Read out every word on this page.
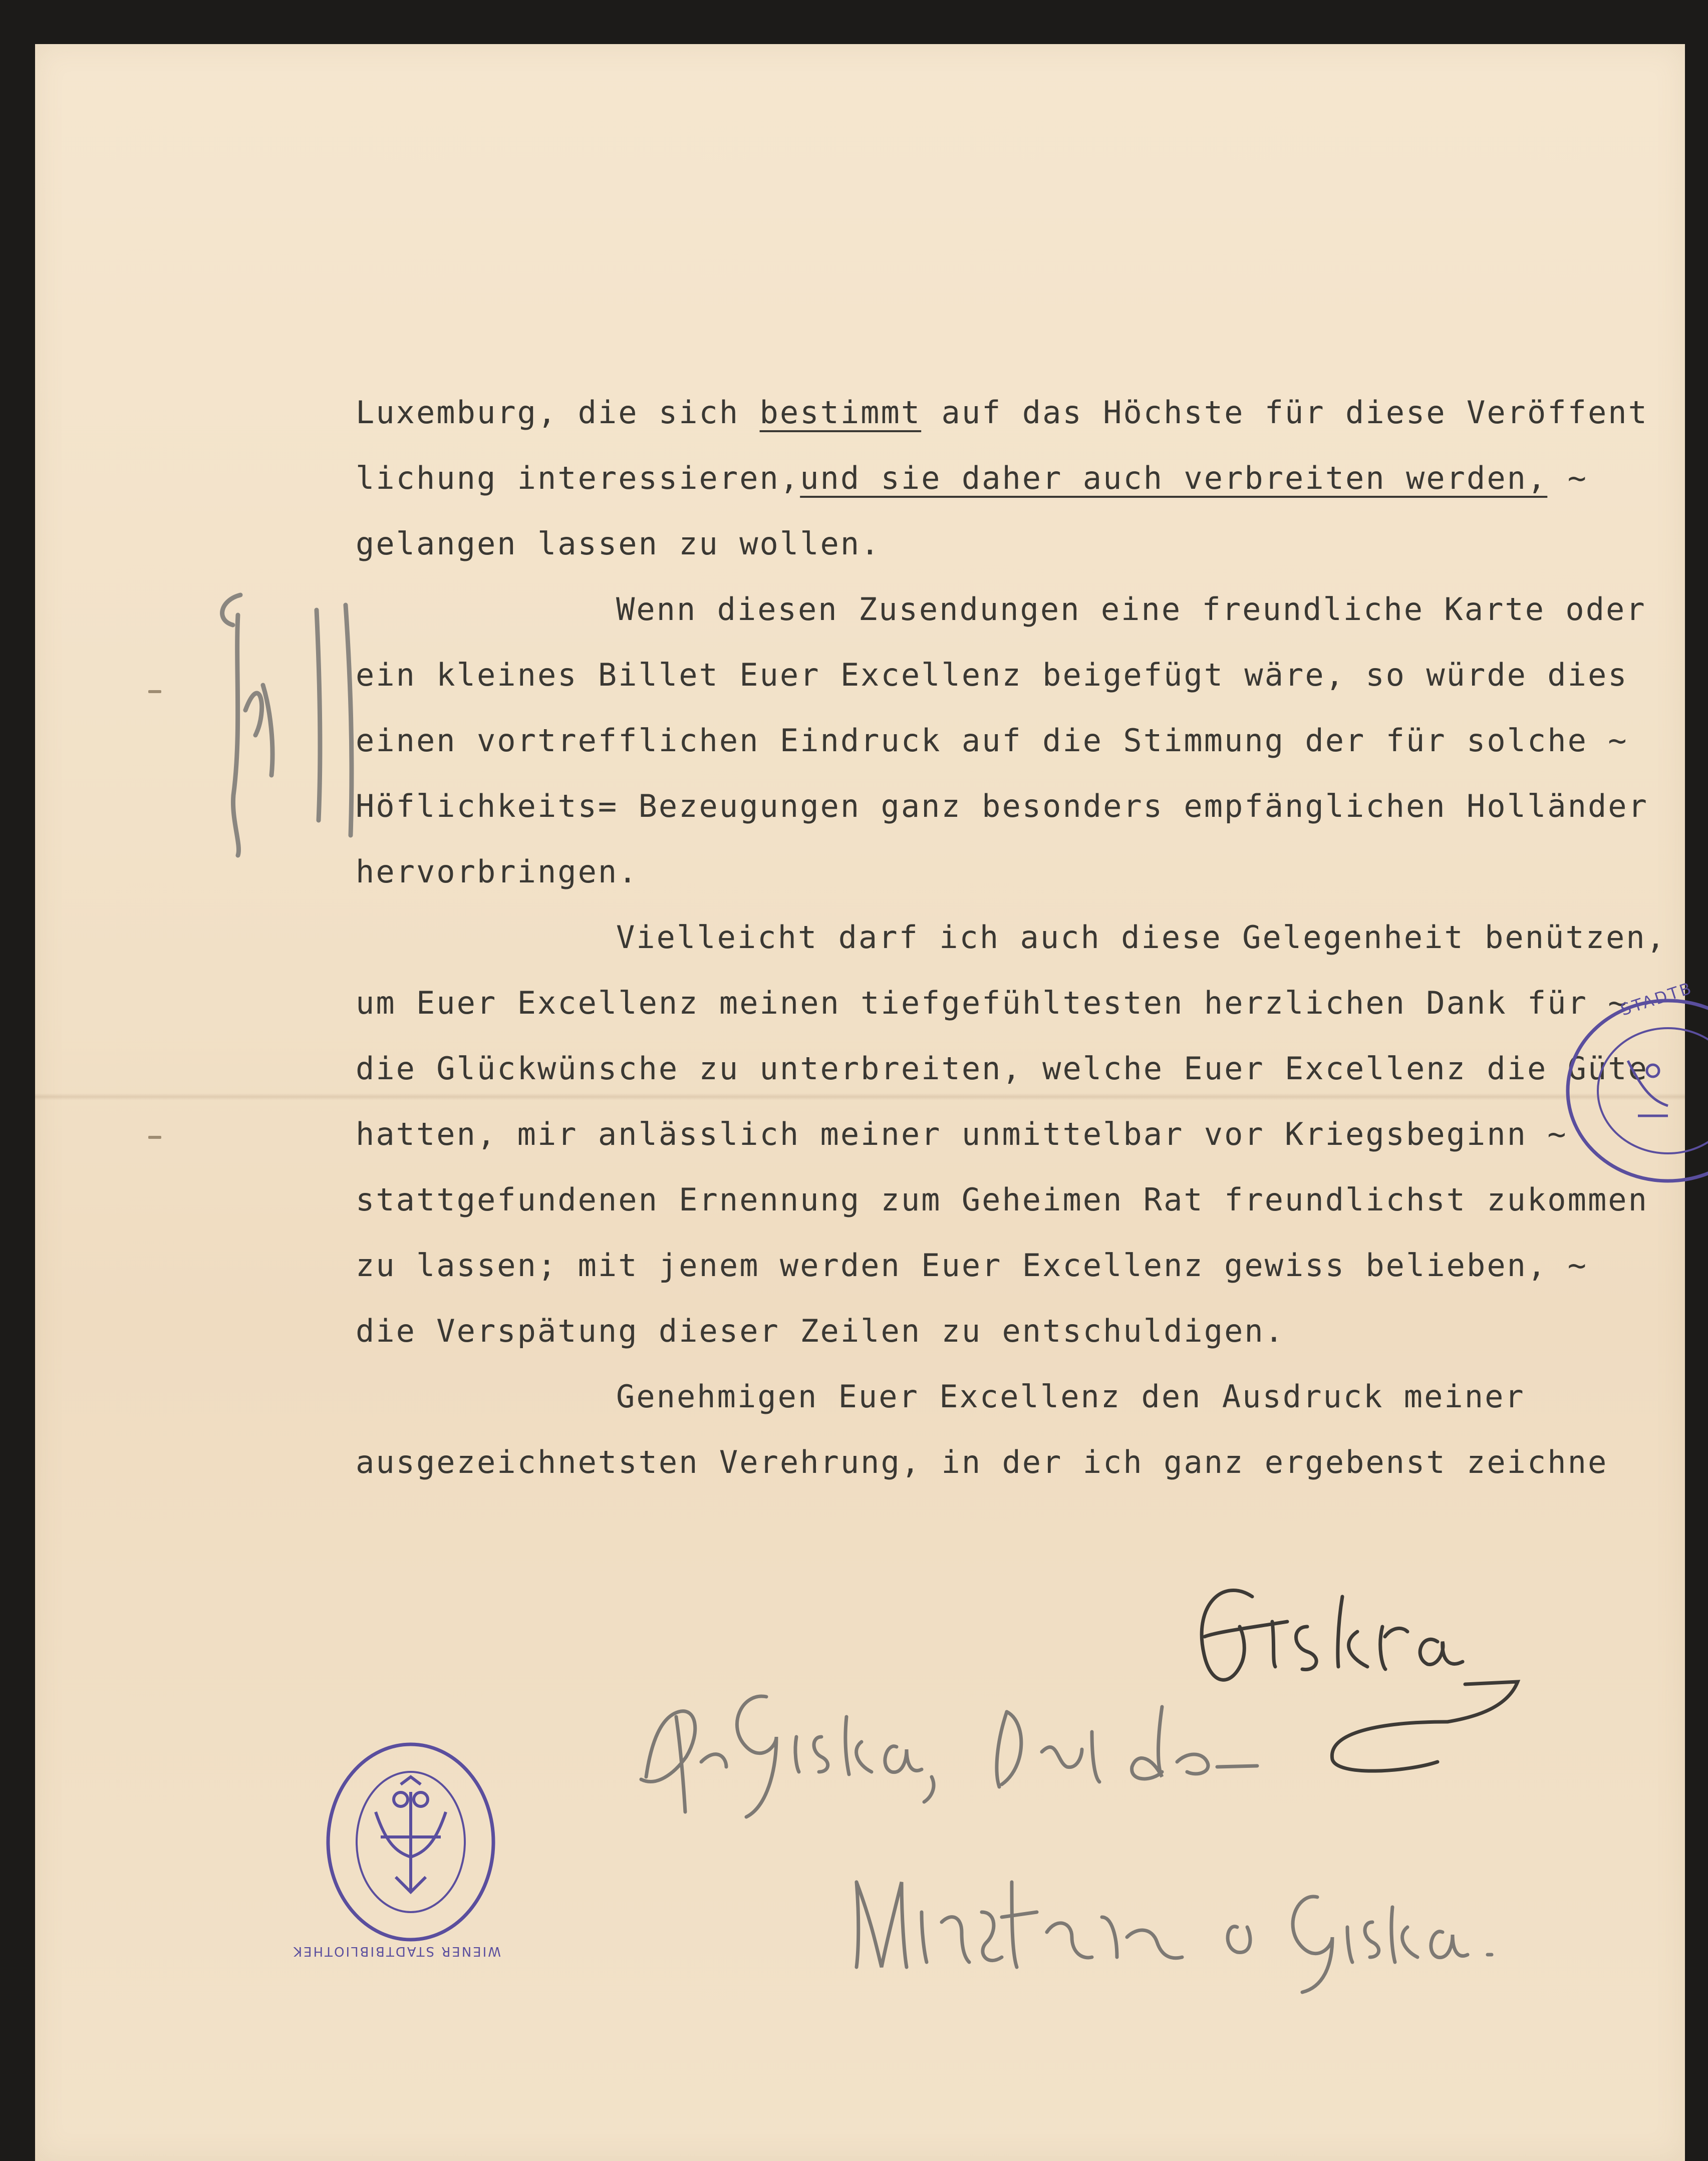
Luxemburg, die sich bestimmt auf das Höchste für diese Veröffent
lichung interessieren,und sie daher auch verbreiten werden, ~
gelangen lassen zu wollen.
Wenn diesen Zusendungen eine freundliche Karte oder
ein kleines Billet Euer Excellenz beigefügt wäre, so würde dies
einen vortrefflichen Eindruck auf die Stimmung der für solche ~
Höflichkeits= Bezeugungen ganz besonders empfänglichen Holländer
hervorbringen.
Vielleicht darf ich auch diese Gelegenheit benützen,
um Euer Excellenz meinen tiefgefühltesten herzlichen Dank für ~
die Glückwünsche zu unterbreiten, welche Euer Excellenz die Güte
hatten, mir anlässlich meiner unmittelbar vor Kriegsbeginn ~
stattgefundenen Ernennung zum Geheimen Rat freundlichst zukommen
zu lassen; mit jenem werden Euer Excellenz gewiss belieben, ~
die Verspätung dieser Zeilen zu entschuldigen.
Genehmigen Euer Excellenz den Ausdruck meiner
ausgezeichnetsten Verehrung, in der ich ganz ergebenst zeichne
WIENER STADTBIBLIOTHEK
STADTB
